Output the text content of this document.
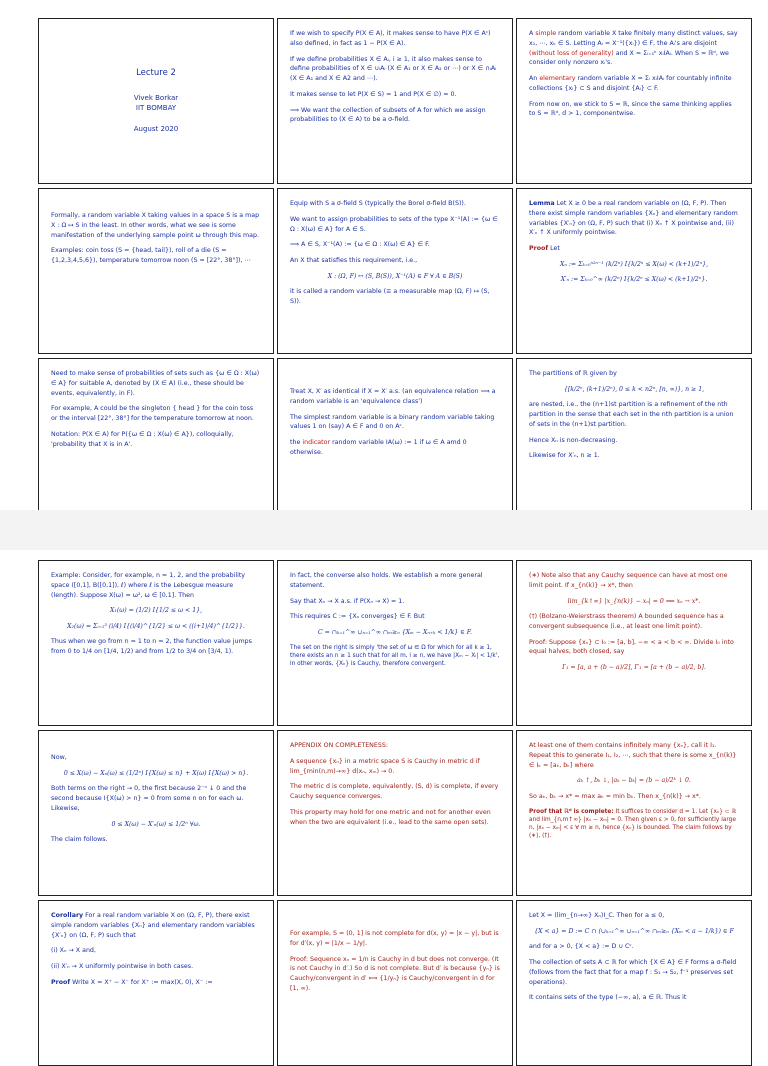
Lecture 2
Vivek Borkar
IIT BOMBAY
August 2020

If we wish to specify P(X ∈ A), it makes sense to have P(X ∈ Aᶜ) also defined, in fact as 1 − P(X ∈ A).

If we define probabilities X ∈ Aᵢ, i ≥ 1, it also makes sense to define probabilities of X ∈ ∪ᵢAᵢ (X ∈ A₁ or X ∈ A₂ or ⋯) or X ∈ ∩ᵢAᵢ (X ∈ A₁ and X ∈ A2 and ⋯).

It makes sense to let P(X ∈ S) = 1 and P(X ∈ ∅) = 0.

⟹ We want the collection of subsets of A for which we assign probabilities to (X ∈ A) to be a σ-field.

A simple random variable X take finitely many distinct values, say x₁, ⋯, xₖ ∈ S. Letting Aᵢ = X⁻¹({xᵢ}) ∈ F, the Aᵢ's are disjoint (without loss of generality) and X = Σᵢ₌₁ᵏ xᵢIAᵢ. When S = ℝᵈ, we consider only nonzero xᵢ's.

An elementary random variable X = Σᵢ xᵢIAᵢ for countably infinite collections {xᵢ} ⊂ S and disjoint {Aᵢ} ⊂ F.

From now on, we stick to S = ℝ, since the same thinking applies to S = ℝᵈ, d > 1, componentwise.

Formally, a random variable X taking values in a space S is a map X : Ω ↦ S in the least. In other words, what we see is some manifestation of the underlying sample point ω through this map.

Examples: coin toss (S = {head, tail}), roll of a die (S = {1,2,3,4,5,6}), temperature tomorrow noon (S = [22°, 38°]), ⋯

Equip with S a σ-field S (typically the Borel σ-field B(S)).

We want to assign probabilities to sets of the type X⁻¹(A) := {ω ∈ Ω : X(ω) ∈ A} for A ∈ S.

⟹ A ∈ S, X⁻¹(A) := {ω ∈ Ω : X(ω) ∈ A} ∈ F.

An X that satisfies this requirement, i.e.,

X : (Ω, F) ↦ (S, B(S)), X⁻¹(A) ∈ F ∀ A ∈ B(S)

it is called a random variable (≡ a measurable map (Ω, F) ↦ (S, S)).

Lemma Let X ≥ 0 be a real random variable on (Ω, F, P). Then there exist simple random variables {Xₙ} and elementary random variables {X′ₙ} on (Ω, F, P) such that (i) Xₙ ↑ X pointwise and, (ii) X′ₙ ↑ X uniformly pointwise.

Proof Let

Xₙ := Σₖ₌₀ⁿ²ⁿ⁻¹ (k/2ⁿ) I{k/2ⁿ ≤ X(ω) < (k+1)/2ⁿ},
X′ₙ := Σₖ₌₀^∞ (k/2ⁿ) I{k/2ⁿ ≤ X(ω) < (k+1)/2ⁿ}.

Need to make sense of probabilities of sets such as {ω ∈ Ω : X(ω) ∈ A} for suitable A, denoted by (X ∈ A) (i.e., these should be events, equivalently, in F).

For example, A could be the singleton { head } for the coin toss or the interval [22°, 38°] for the temperature tomorrow at noon.

Notation: P(X ∈ A) for P({ω ∈ Ω : X(ω) ∈ A}), colloquially, 'probability that X is in A'.

Treat X, X′ as identical if X = X′ a.s. (an equivalence relation ⟹ a random variable is an 'equivalence class')

The simplest random variable is a binary random variable taking values 1 on (say) A ∈ F and 0 on Aᶜ.

the indicator random variable IA(ω) := 1 if ω ∈ A amd 0 otherwise.

The partitions of ℝ given by

{[k/2ⁿ, (k+1)/2ⁿ), 0 ≤ k < n2ⁿ, [n, ∞)}, n ≥ 1,

are nested, i.e., the (n+1)st partition is a refinement of the nth partition in the sense that each set in the nth partition is a union of sets in the (n+1)st partition.

Hence Xₙ is non-decreasing.

Likewise for X′ₙ, n ≥ 1.

Example: Consider, for example, n = 1, 2, and the probability space ([0,1], B([0,1]), ℓ) where ℓ is the Lebesgue measure (length). Suppose X(ω) = ω², ω ∈ [0,1]. Then

X₁(ω) = (1/2) I{1/2 ≤ ω < 1},
X₂(ω) = Σᵢ₌₁³ (i/4) I{(i/4)^{1/2} ≤ ω < ((i+1)/4)^{1/2}}.

Thus when we go from n = 1 to n = 2, the function value jumps from 0 to 1/4 on [1/4, 1/2) and from 1/2 to 3/4 on [3/4, 1).

In fact, the converse also holds. We establish a more general statement.

Say that Xₙ → X a.s. if P(Xₙ → X) = 1.

This requires C := {Xₙ converges} ∈ F. But

C = ∩ₖ₌₁^∞ ∪ₙ₌₁^∞ ∩ₘ≥ₙ {Xₘ − Xₙ₊ₖ < 1/k} ∈ F.

The set on the right is simply 'the set of ω ∈ Ω for which for all k ≥ 1, there exists an n ≥ 1 such that for all m, i ≥ n, we have |Xₘ − Xᵢ| < 1/k', in other words, {Xₙ} is Cauchy, therefore convergent.

(∗) Note also that any Cauchy sequence can have at most one limit point. If x_{n(k)} → x*, then

lim_{k↑∞} |x_{n(k)} − xₙ| = 0 ⟹ xₙ → x*.

(†) (Bolzano-Weierstrass theorem) A bounded sequence has a convergent subsequence (i.e., at least one limit point).

Proof: Suppose {xₙ} ⊂ I₀ := [a, b], −∞ < a < b < ∞. Divide I₀ into equal halves, both closed, say

I′₁ = [a, a + (b − a)/2], I″₁ = [a + (b − a)/2, b].

Now,

0 ≤ X(ω) − Xₙ(ω) ≤ (1/2ⁿ) I{X(ω) ≤ n} + X(ω) I{X(ω) > n}.

Both terms on the right → 0, the first because 2⁻ⁿ ↓ 0 and the second because I{X(ω) > n} = 0 from some n on for each ω. Likewise,

0 ≤ X(ω) − X′ₙ(ω) ≤ 1/2ⁿ ∀ω.

The claim follows.

APPENDIX ON COMPLETENESS:

A sequence {xₙ} in a metric space S is Cauchy in metric d if lim_{min(n,m)→∞} d(xₙ, xₘ) → 0.

The metric d is complete, equivalently, (S, d) is complete, if every Cauchy sequence converges.

This property may hold for one metric and not for another even when the two are equivalent (i.e., lead to the same open sets).

At least one of them contains infinitely many {xₙ}, call it I₁. Repeat this to generate I₁, I₂, ⋯, such that there is some x_{n(k)} ∈ Iₖ = [aₖ, bₖ] where

aₖ ↑, bₖ ↓, |aₖ − bₖ| = (b − a)/2ᵏ ↓ 0.

So aₖ, bₖ → x* = max aₖ = min bₖ. Then x_{n(k)} → x*.

Proof that ℝᵈ is complete: It suffices to consider d = 1. Let {xₙ} ⊂ ℝ and lim_{n,m↑∞} |xₙ − xₘ| = 0. Then given ε > 0, for sufficiently large n, |xₙ − xₘ| < ε ∀ m ≥ n, hence {xₙ} is bounded. The claim follows by (∗), (†).

Corollary For a real random variable X on (Ω, F, P), there exist simple random variables {Xₙ} and elementary random variables {X′ₙ} on (Ω, F, P) such that

(i) Xₙ → X and,

(ii) X′ₙ → X uniformly pointwise in both cases.

Proof Write X = X⁺ − X⁻ for X⁺ := max(X, 0), X⁻ :=

For example, S = (0, 1] is not complete for d(x, y) = |x − y|, but is for d′(x, y) = |1/x − 1/y|.

Proof: Sequence xₙ = 1/n is Cauchy in d but does not converge. (It is not Cauchy in d′.) So d is not complete. But d′ is because {yₙ} is Cauchy/convergent in d′ ⟺ {1/yₙ} is Cauchy/convergent in d for [1, ∞).

Let X = (lim_{n→∞} Xₙ)I_C. Then for a ≤ 0,

{X < a} = D := C ∩ (∪ₖ₌₁^∞ ∪ₙ₌₁^∞ ∩ₘ≥ₙ {Xₘ < a − 1/k}) ∈ F

and for a > 0, {X < a} := D ∪ Cᶜ.

The collection of sets A ⊂ ℝ for which {X ∈ A} ∈ F forms a σ-field (follows from the fact that for a map f : S₁ → S₂, f⁻¹ preserves set operations).

It contains sets of the type (−∞, a), a ∈ ℝ. Thus it
